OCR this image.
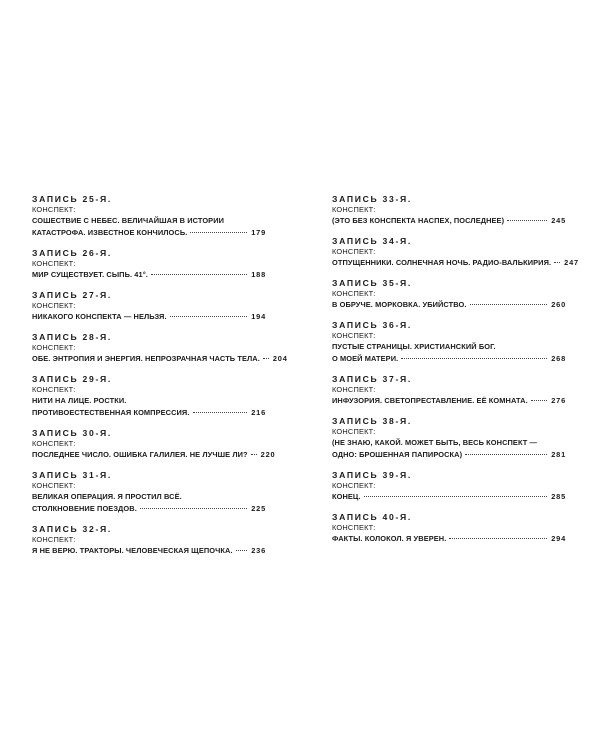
ЗАПИСЬ 25-Я.
КОНСПЕКТ:
СОШЕСТВИЕ С НЕБЕС. ВЕЛИЧАЙШАЯ В ИСТОРИИ
КАТАСТРОФА. ИЗВЕСТНОЕ КОНЧИЛОСЬ.	179
ЗАПИСЬ 26-Я.
КОНСПЕКТ:
МИР СУЩЕСТВУЕТ. СЫПЬ. 41°.	188
ЗАПИСЬ 27-Я.
КОНСПЕКТ:
НИКАКОГО КОНСПЕКТА — НЕЛЬЗЯ.	194
ЗАПИСЬ 28-Я.
КОНСПЕКТ:
ОБЕ. ЭНТРОПИЯ И ЭНЕРГИЯ. НЕПРОЗРАЧНАЯ ЧАСТЬ ТЕЛА. 204
ЗАПИСЬ 29-Я.
КОНСПЕКТ:
НИТИ НА ЛИЦЕ. РОСТКИ.
ПРОТИВОЕСТЕСТВЕННАЯ КОМПРЕССИЯ.	216
ЗАПИСЬ 30-Я.
КОНСПЕКТ:
ПОСЛЕДНЕЕ ЧИСЛО. ОШИБКА ГАЛИЛЕЯ. НЕ ЛУЧШЕ ЛИ? 220
ЗАПИСЬ 31-Я.
КОНСПЕКТ:
ВЕЛИКАЯ ОПЕРАЦИЯ. Я ПРОСТИЛ ВСЁ.
СТОЛКНОВЕНИЕ ПОЕЗДОВ.	225
ЗАПИСЬ 32-Я.
КОНСПЕКТ:
Я НЕ ВЕРЮ. ТРАКТОРЫ. ЧЕЛОВЕЧЕСКАЯ ЩЕПОЧКА.	236
ЗАПИСЬ 33-Я.
КОНСПЕКТ:
(ЭТО БЕЗ КОНСПЕКТА НАСПЕХ, ПОСЛЕДНЕЕ)	245
ЗАПИСЬ 34-Я.
КОНСПЕКТ:
ОТПУЩЕННИКИ. СОЛНЕЧНАЯ НОЧЬ. РАДИО-ВАЛЬКИРИЯ. 247
ЗАПИСЬ 35-Я.
КОНСПЕКТ:
В ОБРУЧЕ. МОРКОВКА. УБИЙСТВО.	260
ЗАПИСЬ 36-Я.
КОНСПЕКТ:
ПУСТЫЕ СТРАНИЦЫ. ХРИСТИАНСКИЙ БОГ.
О МОЕЙ МАТЕРИ.	268
ЗАПИСЬ 37-Я.
КОНСПЕКТ:
ИНФУЗОРИЯ. СВЕТОПРЕСТАВЛЕНИЕ. ЕЁ КОМНАТА.	276
ЗАПИСЬ 38-Я.
КОНСПЕКТ:
(НЕ ЗНАЮ, КАКОЙ. МОЖЕТ БЫТЬ, ВЕСЬ КОНСПЕКТ —
ОДНО: БРОШЕННАЯ ПАПИРОСКА)	281
ЗАПИСЬ 39-Я.
КОНСПЕКТ:
КОНЕЦ.	285
ЗАПИСЬ 40-Я.
КОНСПЕКТ:
ФАКТЫ. КОЛОКОЛ. Я УВЕРЕН.	294
